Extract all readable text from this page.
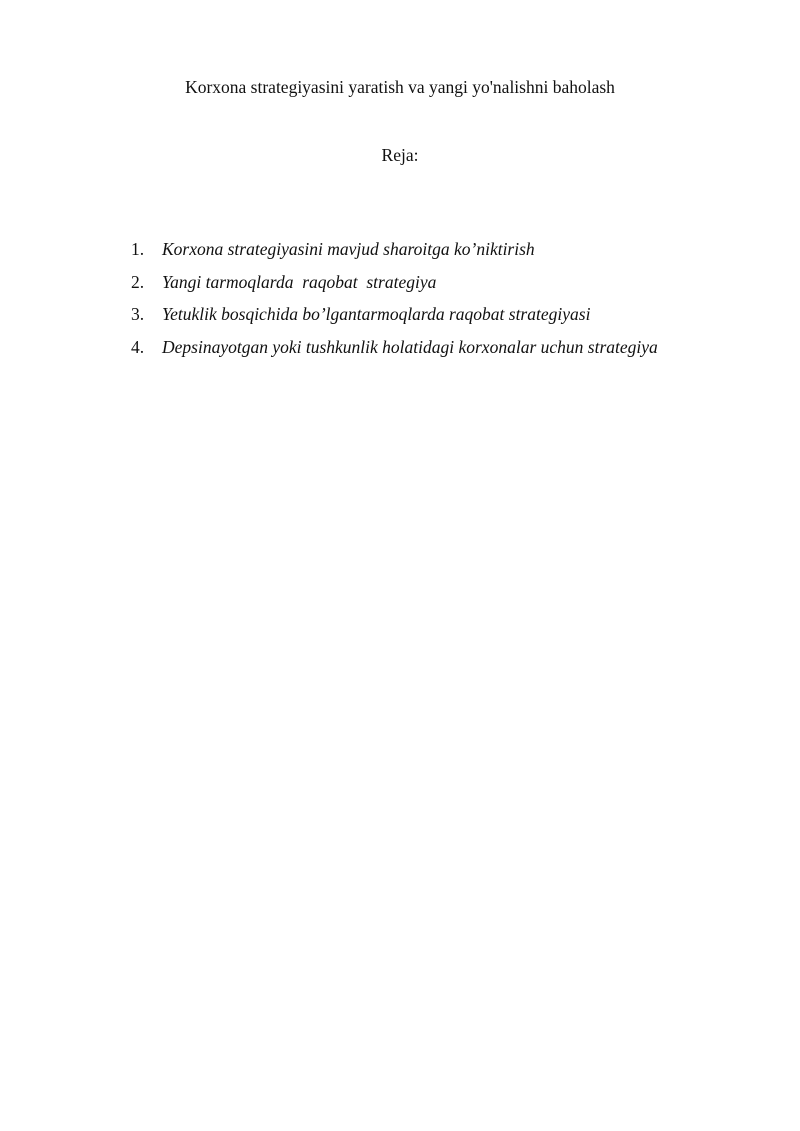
Korxona strategiyasini yaratish va yangi yo'nalishni baholash
Reja:
1.	Korxona strategiyasini mavjud sharoitga ko’niktirish
2.	Yangi tarmoqlarda  raqobat  strategiya
3.	Yetuklik bosqichida bo’lgantarmoqlarda raqobat strategiyasi
4.	Depsinayotgan yoki tushkunlik holatidagi korxonalar uchun strategiya
